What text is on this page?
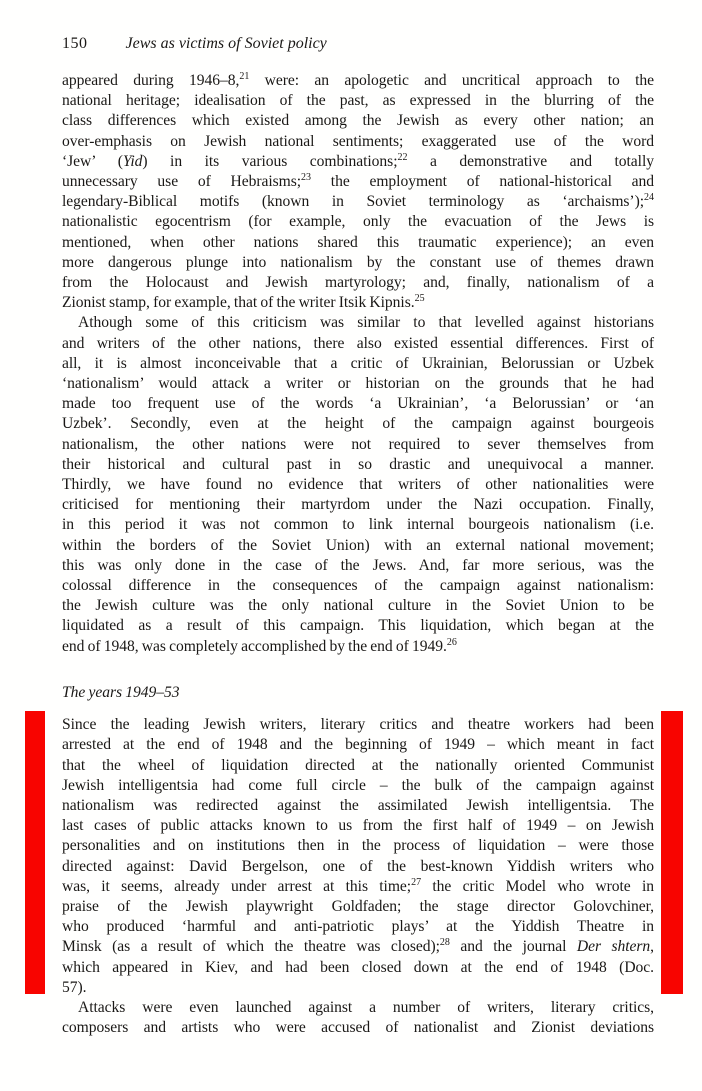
150 Jews as victims of Soviet policy
appeared during 1946–8,21 were: an apologetic and uncritical approach to the
national heritage; idealisation of the past, as expressed in the blurring of the
class differences which existed among the Jewish as every other nation; an
over-emphasis on Jewish national sentiments; exaggerated use of the word
‘Jew’ (Yid) in its various combinations;$^{22}$ a demonstrative and totally
unnecessary use of Hebraisms;$^{23}$ the employment of national-historical and
legendary-Biblical motifs (known in Soviet terminology as ‘archaisms’);$^{24}$
nationalistic egocentrism (for example, only the evacuation of the Jews is
mentioned, when other nations shared this traumatic experience); an even
more dangerous plunge into nationalism by the constant use of themes drawn
from the Holocaust and Jewish martyrology; and, finally, nationalism of a
Zionist stamp, for example, that of the writer Itsik Kipnis.$^{25}$
Athough some of this criticism was similar to that levelled against historians
and writers of the other nations, there also existed essential differences. First of
all, it is almost inconceivable that a critic of Ukrainian, Belorussian or Uzbek
‘nationalism’ would attack a writer or historian on the grounds that he had
made too frequent use of the words ‘a Ukrainian’, ‘a Belorussian’ or ‘an
Uzbek’. Secondly, even at the height of the campaign against bourgeois
nationalism, the other nations were not required to sever themselves from
their historical and cultural past in so drastic and unequivocal a manner.
Thirdly, we have found no evidence that writers of other nationalities were
criticised for mentioning their martyrdom under the Nazi occupation. Finally,
in this period it was not common to link internal bourgeois nationalism (i.e.
within the borders of the Soviet Union) with an external national movement;
this was only done in the case of the Jews. And, far more serious, was the
colossal difference in the consequences of the campaign against nationalism:
the Jewish culture was the only national culture in the Soviet Union to be
liquidated as a result of this campaign. This liquidation, which began at the
end of 1948, was completely accomplished by the end of 1949.26
The years 1949–53
Since the leading Jewish writers, literary critics and theatre workers had been
arrested at the end of 1948 and the beginning of 1949 – which meant in fact
that the wheel of liquidation directed at the nationally oriented Communist
Jewish intelligentsia had come full circle – the bulk of the campaign against
nationalism was redirected against the assimilated Jewish intelligentsia. The
last cases of public attacks known to us from the first half of 1949 – on Jewish
personalities and on institutions then in the process of liquidation – were those
directed against: David Bergelson, one of the best-known Yiddish writers who
was, it seems, already under arrest at this time;$^{27}$ the critic Model who wrote in
praise of the Jewish playwright Goldfaden; the stage director Golovchiner,
who produced ‘harmful and anti-patriotic plays’ at the Yiddish Theatre in
Minsk (as a result of which the theatre was closed);$^{28}$ and the journal Der shtern,
which appeared in Kiev, and had been closed down at the end of 1948 (Doc.
57).
Attacks were even launched against a number of writers, literary critics,
composers and artists who were accused of nationalist and Zionist deviations
